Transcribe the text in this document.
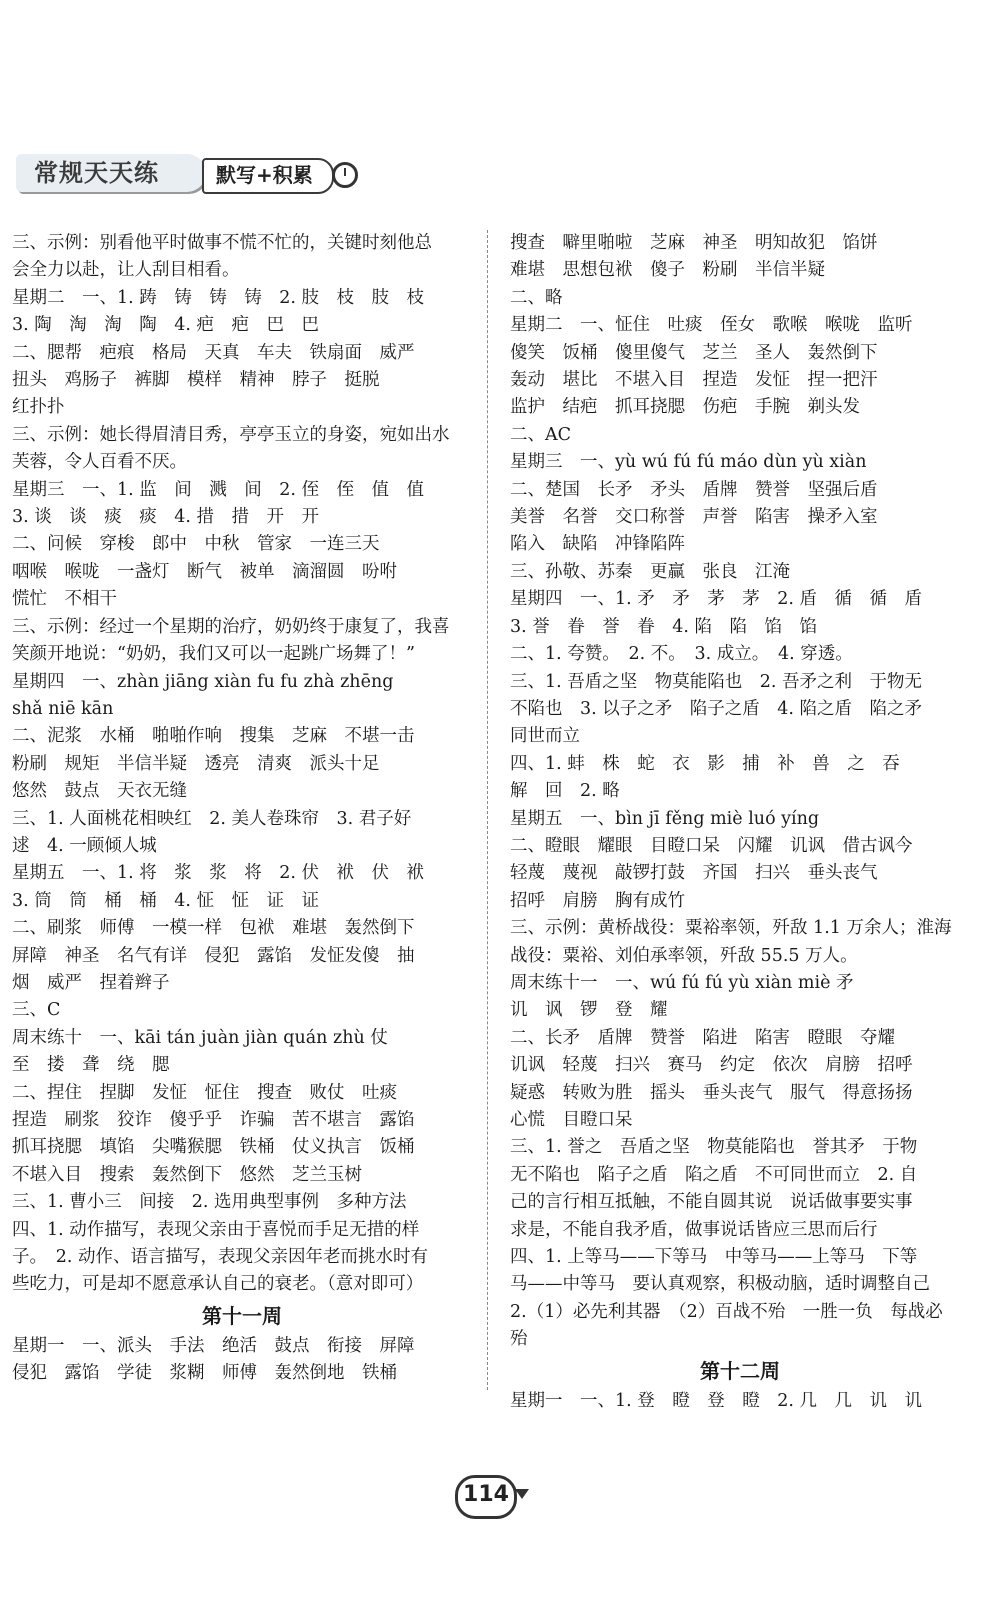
常规天天练	默写+积累
三、示例：别看他平时做事不慌不忙的，关键时刻他总
会全力以赴，让人刮目相看。
星期二　一、1. 踌　铸　铸　铸　2. 肢　枝　肢　枝
3. 陶　淘　淘　陶　4. 疤　疤　巴　巴
二、腮帮　疤痕　格局　天真　车夫　铁扇面　威严
扭头　鸡肠子　裤脚　模样　精神　脖子　挺脱
红扑扑
三、示例：她长得眉清目秀，亭亭玉立的身姿，宛如出水
芙蓉，令人百看不厌。
星期三　一、1. 监　间　溅　间　2. 侄　侄　值　值
3. 谈　谈　痰　痰　4. 措　措　开　开
二、问候　穿梭　郎中　中秋　管家　一连三天
咽喉　喉咙　一盏灯　断气　被单　滴溜圆　吩咐
慌忙　不相干
三、示例：经过一个星期的治疗，奶奶终于康复了，我喜
笑颜开地说：“奶奶，我们又可以一起跳广场舞了！”
星期四　一、zhàn jiāng xiàn fu fu zhà zhēng
shǎ niē kān
二、泥浆　水桶　啪啪作响　搜集　芝麻　不堪一击
粉刷　规矩　半信半疑　透亮　清爽　派头十足
悠然　鼓点　天衣无缝
三、1. 人面桃花相映红　2. 美人卷珠帘　3. 君子好
逑　4. 一顾倾人城
星期五　一、1. 将　浆　浆　将　2. 伏　袱　伏　袱
3. 筒　筒　桶　桶　4. 怔　怔　证　证
二、刷浆　师傅　一模一样　包袱　难堪　轰然倒下
屏障　神圣　名气有详　侵犯　露馅　发怔发傻　抽
烟　威严　捏着辫子
三、C
周末练十　一、kāi tán juàn jiàn quán zhù 仗
至　搂　聋　绕　腮
二、捏住　捏脚　发怔　怔住　搜查　败仗　吐痰
捏造　刷浆　狡诈　傻乎乎　诈骗　苦不堪言　露馅
抓耳挠腮　填馅　尖嘴猴腮　铁桶　仗义执言　饭桶
不堪入目　搜索　轰然倒下　悠然　芝兰玉树
三、1. 曹小三　间接　2. 选用典型事例　多种方法
四、1. 动作描写，表现父亲由于喜悦而手足无措的样
子。　2. 动作、语言描写，表现父亲因年老而挑水时有
些吃力，可是却不愿意承认自己的衰老。（意对即可）
第十一周
星期一　一、派头　手法　绝活　鼓点　衔接　屏障
侵犯　露馅　学徒　浆糊　师傅　轰然倒地　铁桶
搜查　噼里啪啦　芝麻　神圣　明知故犯　馅饼
难堪　思想包袱　傻子　粉刷　半信半疑
二、略
星期二　一、怔住　吐痰　侄女　歌喉　喉咙　监听
傻笑　饭桶　傻里傻气　芝兰　圣人　轰然倒下
轰动　堪比　不堪入目　捏造　发怔　捏一把汗
监护　结疤　抓耳挠腮　伤疤　手腕　剃头发
二、AC
星期三　一、yù wú fú fú máo dùn yù xiàn
二、楚国　长矛　矛头　盾牌　赞誉　坚强后盾
美誉　名誉　交口称誉　声誉　陷害　操矛入室
陷入　缺陷　冲锋陷阵
三、孙敬、苏秦　更赢　张良　江淹
星期四　一、1. 矛　矛　茅　茅　2. 盾　循　循　盾
3. 誉　眷　誉　眷　4. 陷　陷　馅　馅
二、1. 夸赞。　2. 不。　3. 成立。　4. 穿透。
三、1. 吾盾之坚　物莫能陷也　2. 吾矛之利　于物无
不陷也　3. 以子之矛　陷子之盾　4. 陷之盾　陷之矛
同世而立
四、1. 蚌　株　蛇　衣　影　捕　补　兽　之　吞
解　回　2. 略
星期五　一、bìn jī fěng miè luó yíng
二、瞪眼　耀眼　目瞪口呆　闪耀　讥讽　借古讽今
轻蔑　蔑视　敲锣打鼓　齐国　扫兴　垂头丧气
招呼　肩膀　胸有成竹
三、示例：黄桥战役：粟裕率领，歼敌 1.1 万余人；淮海
战役：粟裕、刘伯承率领，歼敌 55.5 万人。
周末练十一　一、wú fú fú yù xiàn miè 矛
讥　讽　锣　登　耀
二、长矛　盾牌　赞誉　陷进　陷害　瞪眼　夺耀
讥讽　轻蔑　扫兴　赛马　约定　依次　肩膀　招呼
疑惑　转败为胜　摇头　垂头丧气　服气　得意扬扬
心慌　目瞪口呆
三、1. 誉之　吾盾之坚　物莫能陷也　誉其矛　于物
无不陷也　陷子之盾　陷之盾　不可同世而立　2. 自
己的言行相互抵触，不能自圆其说　说话做事要实事
求是，不能自我矛盾，做事说话皆应三思而后行
四、1. 上等马——下等马　中等马——上等马　下等
马——中等马　要认真观察，积极动脑，适时调整自己
2.（1）必先利其器　（2）百战不殆　一胜一负　每战必
殆
第十二周
星期一　一、1. 登　瞪　登　瞪　2. 几　几　讥　讥
114
